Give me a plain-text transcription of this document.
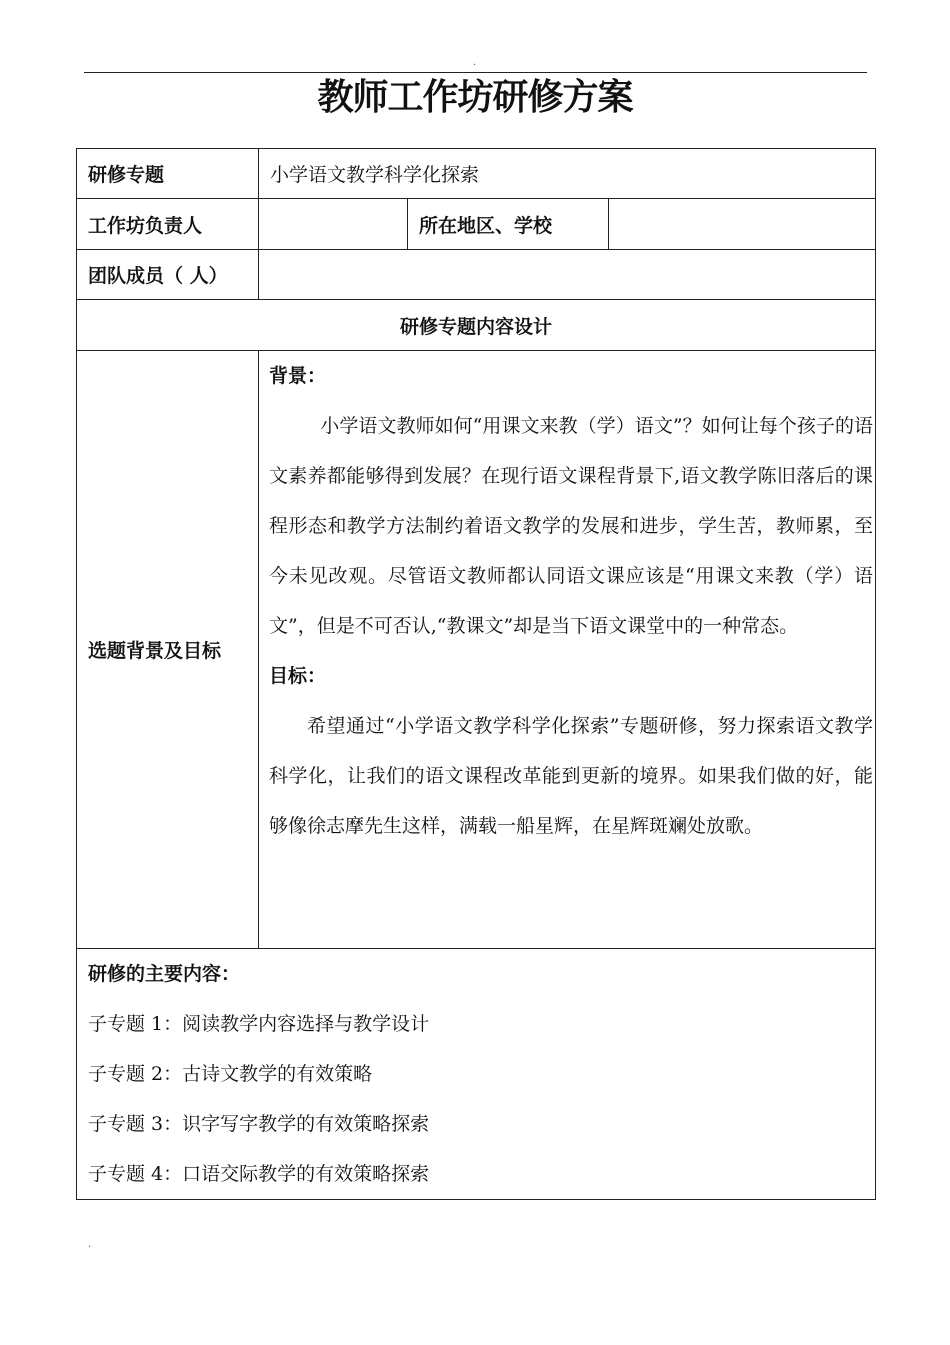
.
教师工作坊研修方案
研修专题	小学语文教学科学化探索		
工作坊负责人		所在地区、学校	
团队成员（ 人）			
研修专题内容设计			
选题背景及目标	背景：

小学语文教师如何“用课文来教（学）语文”？如何让每个孩子的语文素养都能够得到发展？在现行语文课程背景下,语文教学陈旧落后的课程形态和教学方法制约着语文教学的发展和进步，学生苦，教师累，至今未见改观。尽管语文教师都认同语文课应该是“用课文来教（学）语文”，但是不可否认,“教课文”却是当下语文课堂中的一种常态。

目标：

希望通过“小学语文教学科学化探索”专题研修，努力探索语文教学科学化，让我们的语文课程改革能到更新的境界。如果我们做的好，能够像徐志摩先生这样，满载一船星辉，在星辉斑斓处放歌。		

研修的主要内容：

子专题 1：阅读教学内容选择与教学设计

子专题 2：古诗文教学的有效策略

子专题 3：识字写字教学的有效策略探索

子专题 4：口语交际教学的有效策略探索			

.
